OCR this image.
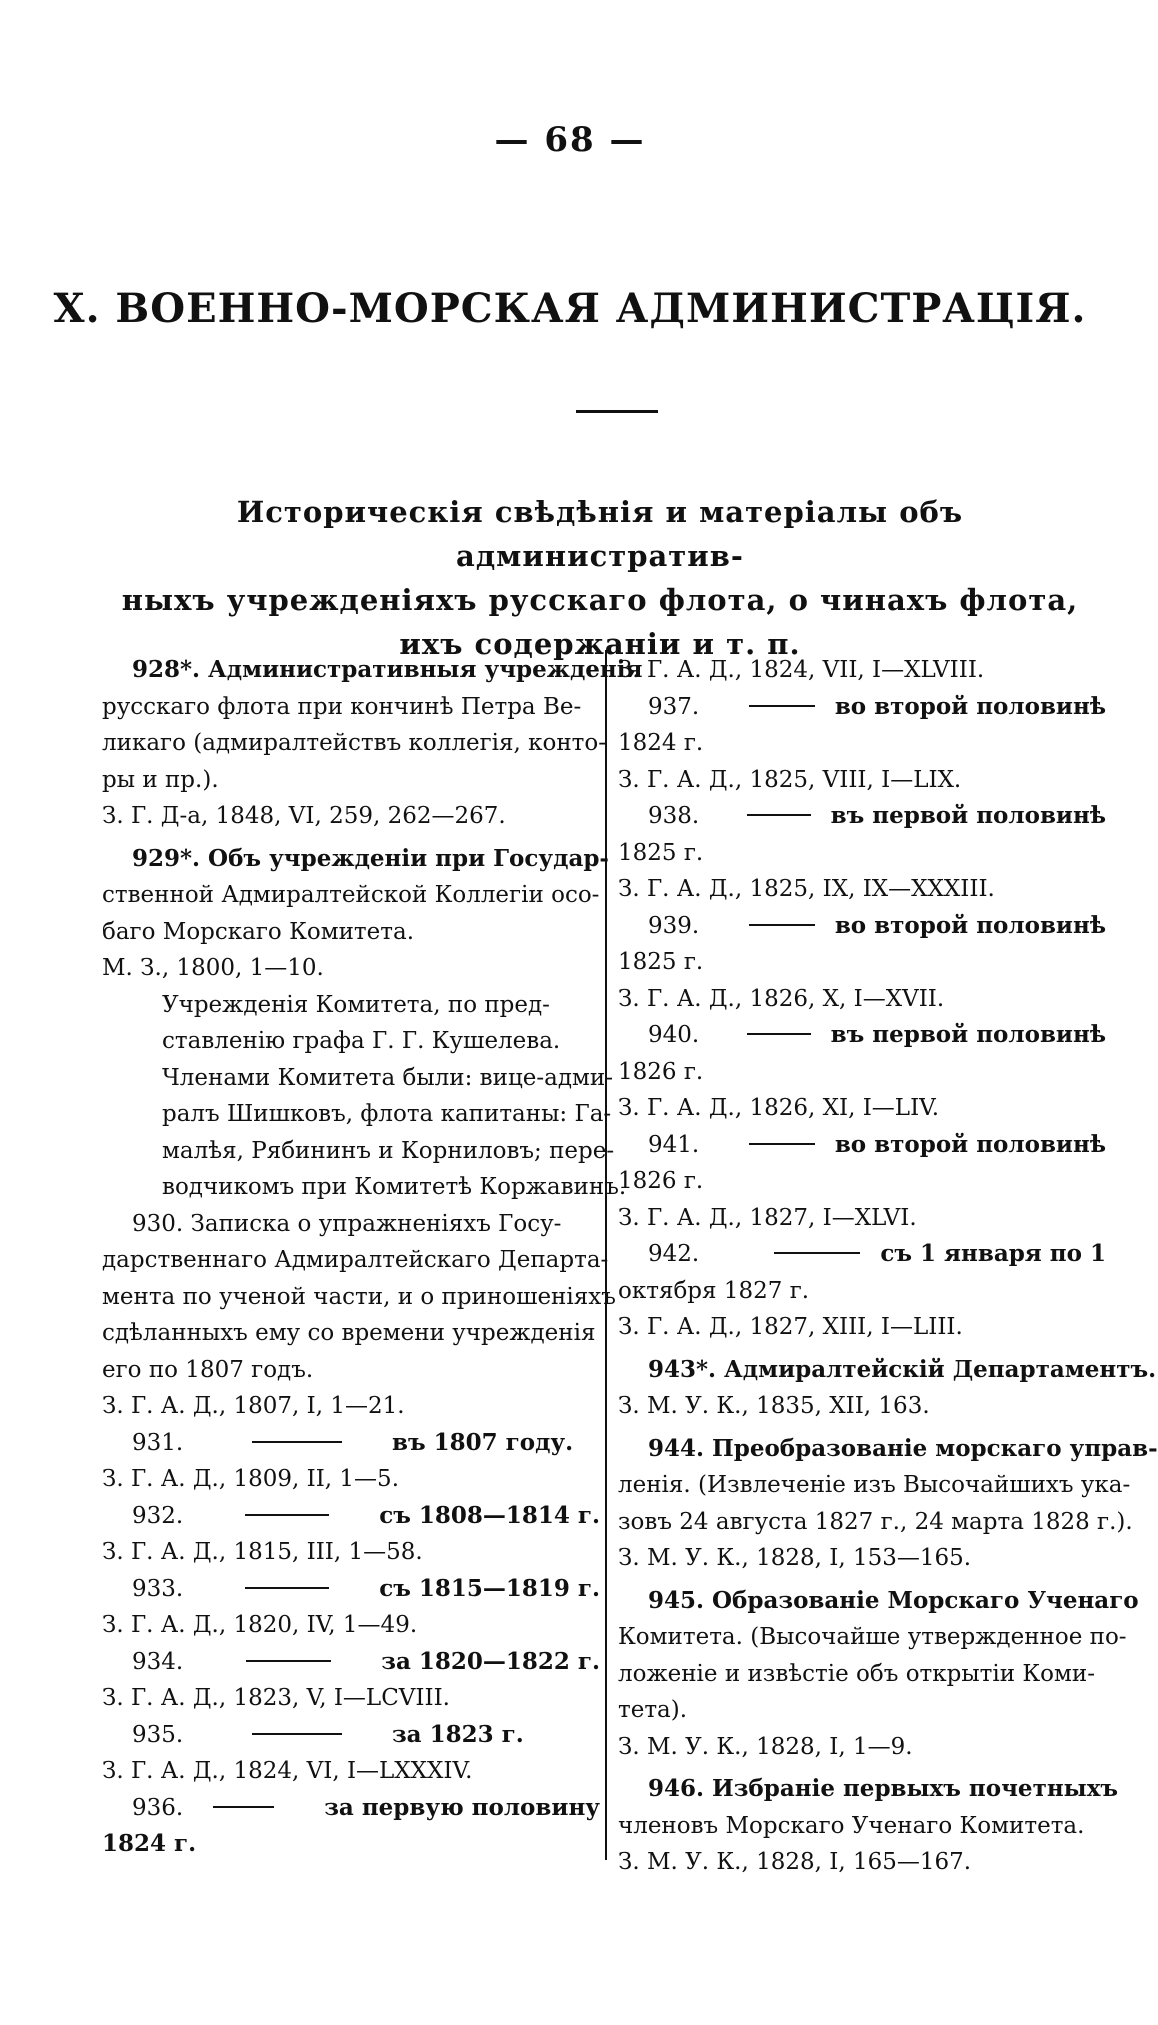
— 68 —
X. ВОЕННО-МОРСКАЯ АДМИНИСТРАЦІЯ.
Историческія свѣдѣнія и матеріалы объ административ-
ныхъ учрежденіяхъ русскаго флота, о чинахъ флота,
ихъ содержаніи и т. п.
928*. Административныя учрежденія
русскаго флота при кончинѣ Петра Ве-
ликаго (адмиралтействъ коллегія, конто-
ры и пр.).
З. Г. Д-а, 1848, VI, 259, 262—267.
929*. Объ учрежденіи при Государ-
ственной Адмиралтейской Коллегіи осо-
баго Морскаго Комитета.
М. З., 1800, 1—10.
Учрежденія Комитета, по пред-
ставленію графа Г. Г. Кушелева.
Членами Комитета были: вице-адми-
ралъ Шишковъ, флота капитаны: Га-
малѣя, Рябининъ и Корниловъ; пере-
водчикомъ при Комитетѣ Коржавинъ.
930. Записка о упражненіяхъ Госу-
дарственнаго Адмиралтейскаго Департа-
мента по ученой части, и о приношеніяхъ
сдѣланныхъ ему со времени учрежденія
его по 1807 годъ.
З. Г. А. Д., 1807, I, 1—21.
931.	въ 1807 году.
З. Г. А. Д., 1809, II, 1—5.
932.	съ 1808—1814 г.
З. Г. А. Д., 1815, III, 1—58.
933.	съ 1815—1819 г.
З. Г. А. Д., 1820, IV, 1—49.
934.	за 1820—1822 г.
З. Г. А. Д., 1823, V, I—LCVIII.
935.	за 1823 г.
З. Г. А. Д., 1824, VI, I—LXXXIV.
936.	за первую половину
1824 г.
З. Г. А. Д., 1824, VII, I—XLVIII.
937.	во второй половинѣ
1824 г.
З. Г. А. Д., 1825, VIII, I—LIX.
938.	въ первой половинѣ
1825 г.
З. Г. А. Д., 1825, IX, IX—XXXIII.
939.	во второй половинѣ
1825 г.
З. Г. А. Д., 1826, X, I—XVII.
940.	въ первой половинѣ
1826 г.
З. Г. А. Д., 1826, XI, I—LIV.
941.	во второй половинѣ
1826 г.
З. Г. А. Д., 1827, I—XLVI.
942.	съ 1 января по 1
октября 1827 г.
З. Г. А. Д., 1827, XIII, I—LIII.
943*. Адмиралтейскій Департаментъ.
З. М. У. К., 1835, XII, 163.
944. Преобразованіе морскаго управ-
ленія. (Извлеченіе изъ Высочайшихъ ука-
зовъ 24 августа 1827 г., 24 марта 1828 г.).
З. М. У. К., 1828, I, 153—165.
945. Образованіе Морскаго Ученаго
Комитета. (Высочайше утвержденное по-
ложеніе и извѣстіе объ открытіи Коми-
тета).
З. М. У. К., 1828, I, 1—9.
946. Избраніе первыхъ почетныхъ
членовъ Морскаго Ученаго Комитета.
З. М. У. К., 1828, I, 165—167.
